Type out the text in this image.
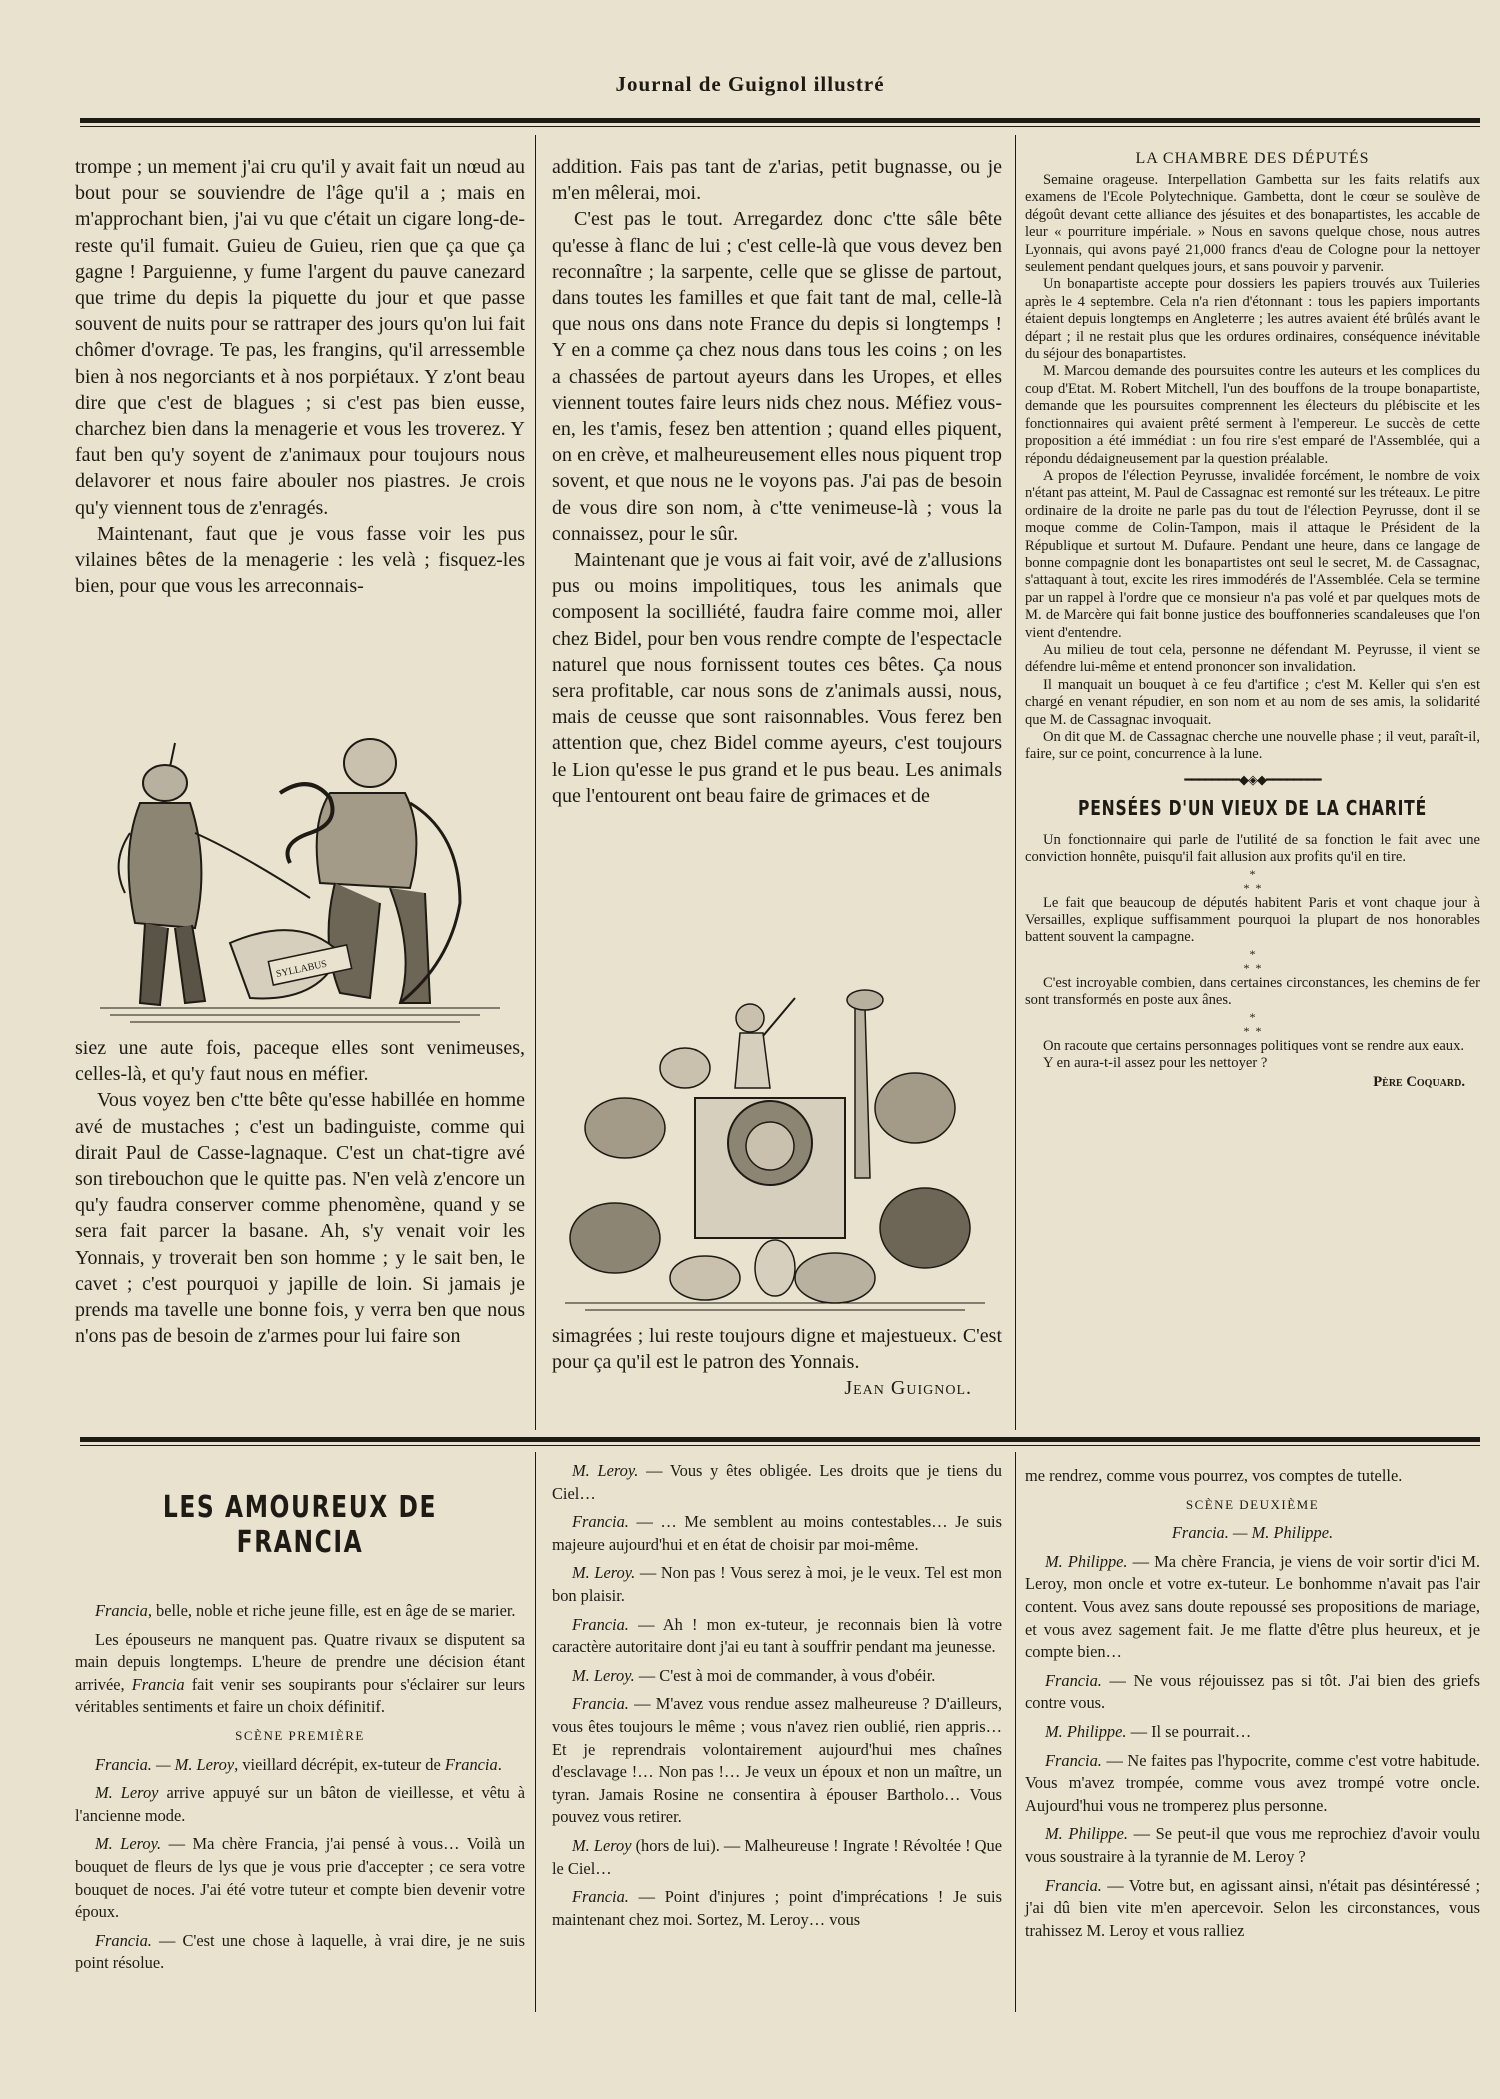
Journal de Guignol illustré

trompe ; un mement j'ai cru qu'il y avait fait un nœud au bout pour se souviendre de l'âge qu'il a ; mais en m'approchant bien, j'ai vu que c'était un cigare long-de-reste qu'il fumait. Guieu de Guieu, rien que ça que ça gagne ! Parguienne, y fume l'argent du pauve canezard que trime du depis la piquette du jour et que passe souvent de nuits pour se rattraper des jours qu'on lui fait chômer d'ovrage. Te pas, les frangins, qu'il arressemble bien à nos negorciants et à nos porpiétaux. Y z'ont beau dire que c'est de blagues ; si c'est pas bien eusse, charchez bien dans la menagerie et vous les troverez. Y faut ben qu'y soyent de z'animaux pour toujours nous delavorer et nous faire abouler nos piastres. Je crois qu'y viennent tous de z'enragés.

Maintenant, faut que je vous fasse voir les pus vilaines bêtes de la menagerie : les velà ; fisquez-les bien, pour que vous les arreconnais-

SYLLABUS

siez une aute fois, paceque elles sont venimeuses, celles-là, et qu'y faut nous en méfier.

Vous voyez ben c'tte bête qu'esse habillée en homme avé de mustaches ; c'est un badinguiste, comme qui dirait Paul de Casse-lagnaque. C'est un chat-tigre avé son tirebouchon que le quitte pas. N'en velà z'encore un qu'y faudra conserver comme phenomène, quand y se sera fait parcer la basane. Ah, s'y venait voir les Yonnais, y troverait ben son homme ; y le sait ben, le cavet ; c'est pourquoi y japille de loin. Si jamais je prends ma tavelle une bonne fois, y verra ben que nous n'ons pas de besoin de z'armes pour lui faire son

addition. Fais pas tant de z'arias, petit bugnasse, ou je m'en mêlerai, moi.

C'est pas le tout. Arregardez donc c'tte sâle bête qu'esse à flanc de lui ; c'est celle-là que vous devez ben reconnaître ; la sarpente, celle que se glisse de partout, dans toutes les familles et que fait tant de mal, celle-là que nous ons dans note France du depis si longtemps ! Y en a comme ça chez nous dans tous les coins ; on les a chassées de partout ayeurs dans les Uropes, et elles viennent toutes faire leurs nids chez nous. Méfiez vous-en, les t'amis, fesez ben attention ; quand elles piquent, on en crève, et malheureusement elles nous piquent trop sovent, et que nous ne le voyons pas. J'ai pas de besoin de vous dire son nom, à c'tte venimeuse-là ; vous la connaissez, pour le sûr.

Maintenant que je vous ai fait voir, avé de z'allusions pus ou moins impolitiques, tous les animals que composent la socilliété, faudra faire comme moi, aller chez Bidel, pour ben vous rendre compte de l'espectacle naturel que nous fornissent toutes ces bêtes. Ça nous sera profitable, car nous sons de z'animals aussi, nous, mais de ceusse que sont raisonnables. Vous ferez ben attention que, chez Bidel comme ayeurs, c'est toujours le Lion qu'esse le pus grand et le pus beau. Les animals que l'entourent ont beau faire de grimaces et de

simagrées ; lui reste toujours digne et majestueux. C'est pour ça qu'il est le patron des Yonnais.

Jean Guignol.
LA CHAMBRE DES DÉPUTÉS

Semaine orageuse. Interpellation Gambetta sur les faits relatifs aux examens de l'Ecole Polytechnique. Gambetta, dont le cœur se soulève de dégoût devant cette alliance des jésuites et des bonapartistes, les accable de leur « pourriture impériale. » Nous en savons quelque chose, nous autres Lyonnais, qui avons payé 21,000 francs d'eau de Cologne pour la nettoyer seulement pendant quelques jours, et sans pouvoir y parvenir.

Un bonapartiste accepte pour dossiers les papiers trouvés aux Tuileries après le 4 septembre. Cela n'a rien d'étonnant : tous les papiers importants étaient depuis longtemps en Angleterre ; les autres avaient été brûlés avant le départ ; il ne restait plus que les ordures ordinaires, conséquence inévitable du séjour des bonapartistes.

M. Marcou demande des poursuites contre les auteurs et les complices du coup d'Etat. M. Robert Mitchell, l'un des bouffons de la troupe bonapartiste, demande que les poursuites comprennent les électeurs du plébiscite et les fonctionnaires qui avaient prêté serment à l'empereur. Le succès de cette proposition a été immédiat : un fou rire s'est emparé de l'Assemblée, qui a répondu dédaigneusement par la question préalable.

A propos de l'élection Peyrusse, invalidée forcément, le nombre de voix n'étant pas atteint, M. Paul de Cassagnac est remonté sur les tréteaux. Le pitre ordinaire de la droite ne parle pas du tout de l'élection Peyrusse, dont il se moque comme de Colin-Tampon, mais il attaque le Président de la République et surtout M. Dufaure. Pendant une heure, dans ce langage de bonne compagnie dont les bonapartistes ont seul le secret, M. de Cassagnac, s'attaquant à tout, excite les rires immodérés de l'Assemblée. Cela se termine par un rappel à l'ordre que ce monsieur n'a pas volé et par quelques mots de M. de Marcère qui fait bonne justice des bouffonneries scandaleuses que l'on vient d'entendre.

Au milieu de tout cela, personne ne défendant M. Peyrusse, il vient se défendre lui-même et entend prononcer son invalidation.

Il manquait un bouquet à ce feu d'artifice ; c'est M. Keller qui s'en est chargé en venant répudier, en son nom et au nom de ses amis, la solidarité que M. de Cassagnac invoquait.

On dit que M. de Cassagnac cherche une nouvelle phase ; il veut, paraît-il, faire, sur ce point, concurrence à la lune.

━━━━━━━━◆◈◆━━━━━━━━
PENSÉES D'UN VIEUX DE LA CHARITÉ

Un fonctionnaire qui parle de l'utilité de sa fonction le fait avec une conviction honnête, puisqu'il fait allusion aux profits qu'il en tire.

*
*  *

Le fait que beaucoup de députés habitent Paris et vont chaque jour à Versailles, explique suffisamment pourquoi la plupart de nos honorables battent souvent la campagne.

*
*  *

C'est incroyable combien, dans certaines circonstances, les chemins de fer sont transformés en poste aux ânes.

*
*  *

On racoute que certains personnages politiques vont se rendre aux eaux.

Y en aura-t-il assez pour les nettoyer ?

Père Coquard.
LES AMOUREUX DE FRANCIA

Francia, belle, noble et riche jeune fille, est en âge de se marier.

Les épouseurs ne manquent pas. Quatre rivaux se disputent sa main depuis longtemps. L'heure de prendre une décision étant arrivée, Francia fait venir ses soupirants pour s'éclairer sur leurs véritables sentiments et faire un choix définitif.

SCÈNE PREMIÈRE

Francia. — M. Leroy, vieillard décrépit, ex-tuteur de Francia.

M. Leroy arrive appuyé sur un bâton de vieillesse, et vêtu à l'ancienne mode.

M. Leroy. — Ma chère Francia, j'ai pensé à vous… Voilà un bouquet de fleurs de lys que je vous prie d'accepter ; ce sera votre bouquet de noces. J'ai été votre tuteur et compte bien devenir votre époux.

Francia. — C'est une chose à laquelle, à vrai dire, je ne suis point résolue.

M. Leroy. — Vous y êtes obligée. Les droits que je tiens du Ciel…

Francia. — … Me semblent au moins contestables… Je suis majeure aujourd'hui et en état de choisir par moi-même.

M. Leroy. — Non pas ! Vous serez à moi, je le veux. Tel est mon bon plaisir.

Francia. — Ah ! mon ex-tuteur, je reconnais bien là votre caractère autoritaire dont j'ai eu tant à souffrir pendant ma jeunesse.

M. Leroy. — C'est à moi de commander, à vous d'obéir.

Francia. — M'avez vous rendue assez malheureuse ? D'ailleurs, vous êtes toujours le même ; vous n'avez rien oublié, rien appris… Et je reprendrais volontairement aujourd'hui mes chaînes d'esclavage !… Non pas !… Je veux un époux et non un maître, un tyran. Jamais Rosine ne consentira à épouser Bartholo… Vous pouvez vous retirer.

M. Leroy (hors de lui). — Malheureuse ! Ingrate ! Révoltée ! Que le Ciel…

Francia. — Point d'injures ; point d'imprécations ! Je suis maintenant chez moi. Sortez, M. Leroy… vous

me rendrez, comme vous pourrez, vos comptes de tutelle.

SCÈNE DEUXIÈME

Francia. — M. Philippe.

M. Philippe. — Ma chère Francia, je viens de voir sortir d'ici M. Leroy, mon oncle et votre ex-tuteur. Le bonhomme n'avait pas l'air content. Vous avez sans doute repoussé ses propositions de mariage, et vous avez sagement fait. Je me flatte d'être plus heureux, et je compte bien…

Francia. — Ne vous réjouissez pas si tôt. J'ai bien des griefs contre vous.

M. Philippe. — Il se pourrait…

Francia. — Ne faites pas l'hypocrite, comme c'est votre habitude. Vous m'avez trompée, comme vous avez trompé votre oncle. Aujourd'hui vous ne tromperez plus personne.

M. Philippe. — Se peut-il que vous me reprochiez d'avoir voulu vous soustraire à la tyrannie de M. Leroy ?

Francia. — Votre but, en agissant ainsi, n'était pas désintéressé ; j'ai dû bien vite m'en apercevoir. Selon les circonstances, vous trahissez M. Leroy et vous ralliez
